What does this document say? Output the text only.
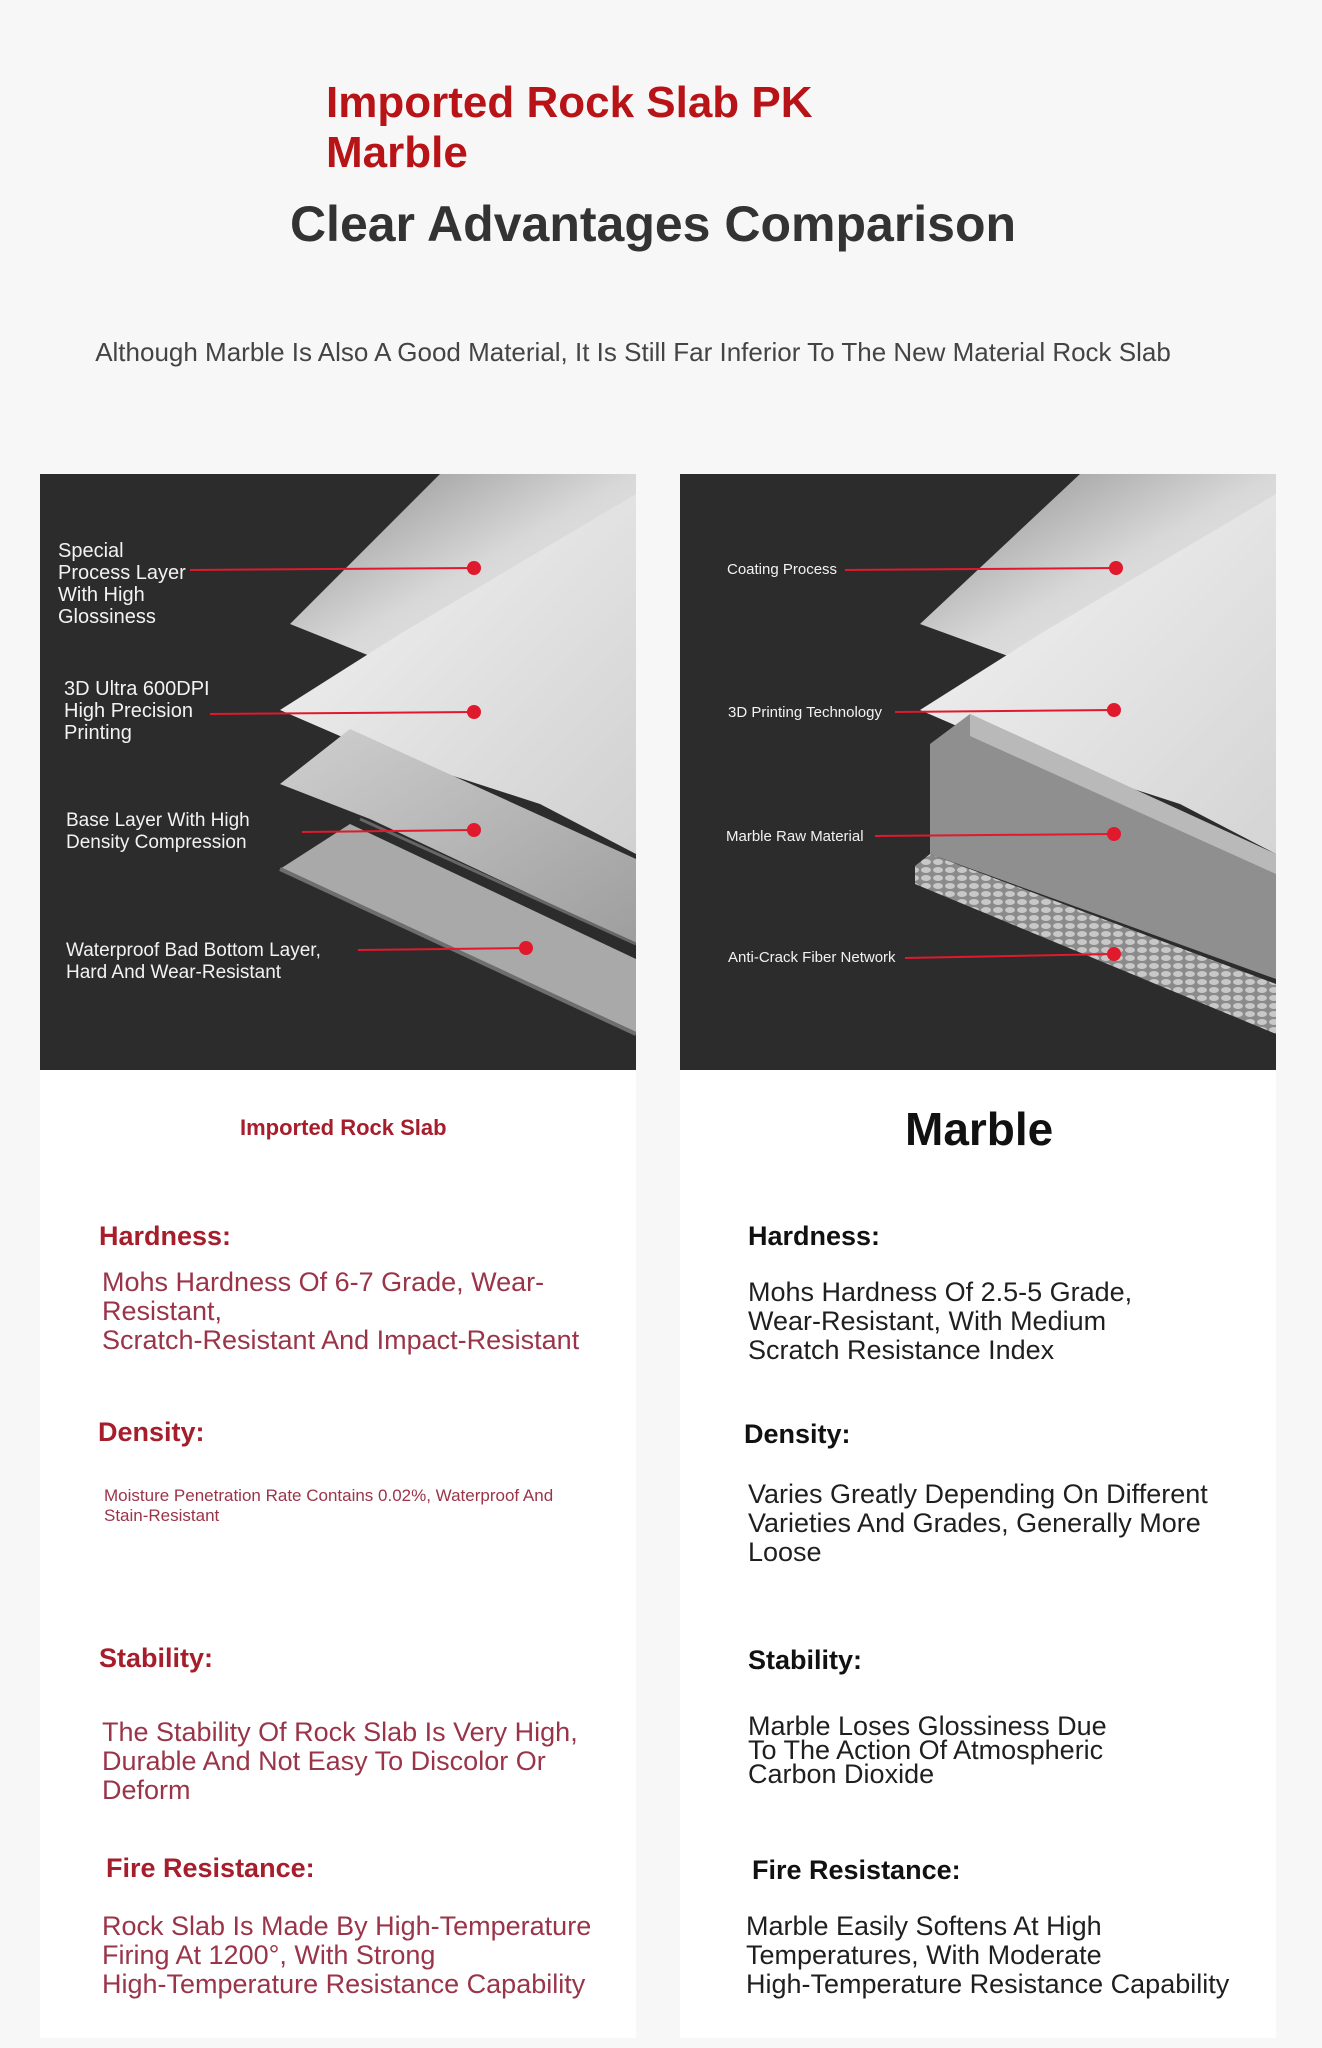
Imported Rock Slab PK
Marble
Clear Advantages Comparison
Although Marble Is Also A Good Material, It Is Still Far Inferior To The New Material Rock Slab
Special
Process Layer
With High
Glossiness
3D Ultra 600DPI
High Precision
Printing
Base Layer With High
Density Compression
Waterproof Bad Bottom Layer,
Hard And Wear-Resistant
Coating Process
3D Printing Technology
Marble Raw Material
Anti-Crack Fiber Network
Imported Rock Slab
Hardness:
Mohs Hardness Of 6-7 Grade, Wear-Resistant,
Scratch-Resistant And Impact-Resistant
Density:
Moisture Penetration Rate Contains 0.02%, Waterproof And
Stain-Resistant
Stability:
The Stability Of Rock Slab Is Very High,
Durable And Not Easy To Discolor Or Deform
Fire Resistance:
Rock Slab Is Made By High-Temperature
Firing At 1200°, With Strong
High-Temperature Resistance Capability
Marble
Hardness:
Mohs Hardness Of 2.5-5 Grade,
Wear-Resistant, With Medium
Scratch Resistance Index
Density:
Varies Greatly Depending On Different
Varieties And Grades, Generally More
Loose
Stability:
Marble Loses Glossiness Due
To The Action Of Atmospheric
Carbon Dioxide
Fire Resistance:
Marble Easily Softens At High
Temperatures, With Moderate
High-Temperature Resistance Capability
